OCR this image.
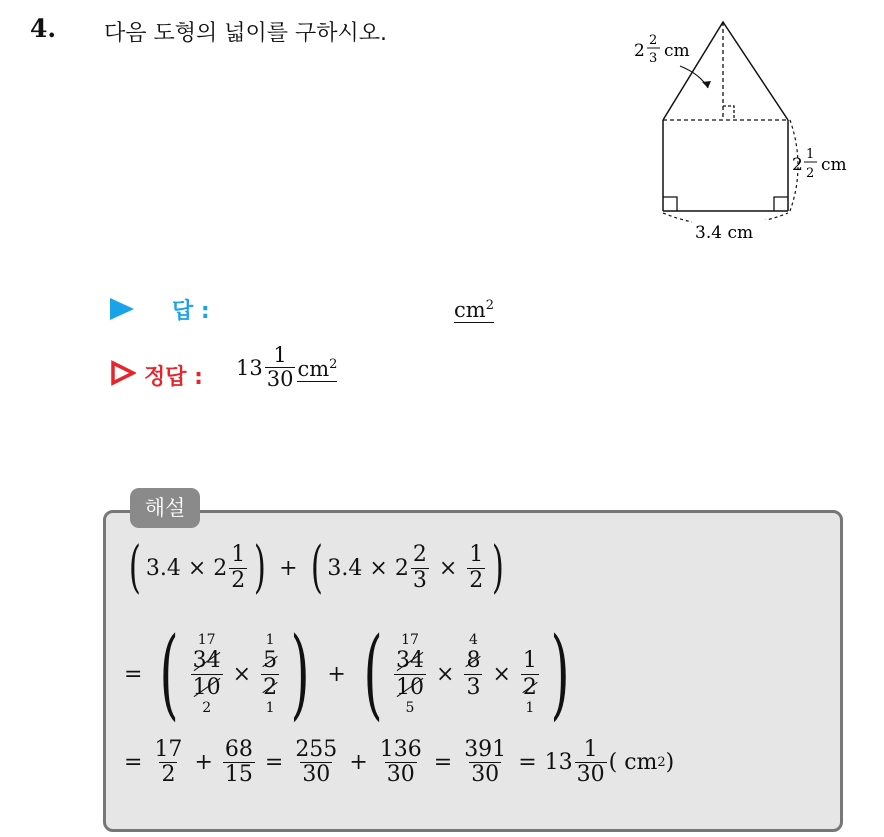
4. 다음 도형의 넓이를 구하시오.
2
2
3 cm
2
1
2 cm
3.4 cm
답 :	$cm^2$
정답 : $13 \frac{1}{30} cm^2$
해설
( $3.4 \times 2 \frac{1}{2}$ ) + ( $3.4 \times 2 \frac{2}{3} \times \frac{1}{2}$ )
= ( 17
34
10
2
×
1
5
2
1 ) + ( 17
34
10
5
×
4
8
3
×
1
2
1 )
= $\frac{17}{2} + \frac{68}{15} = \frac{255}{30} + \frac{136}{30} = \frac{391}{30} = 13 \frac{1}{30}$ ( cm 2 )
